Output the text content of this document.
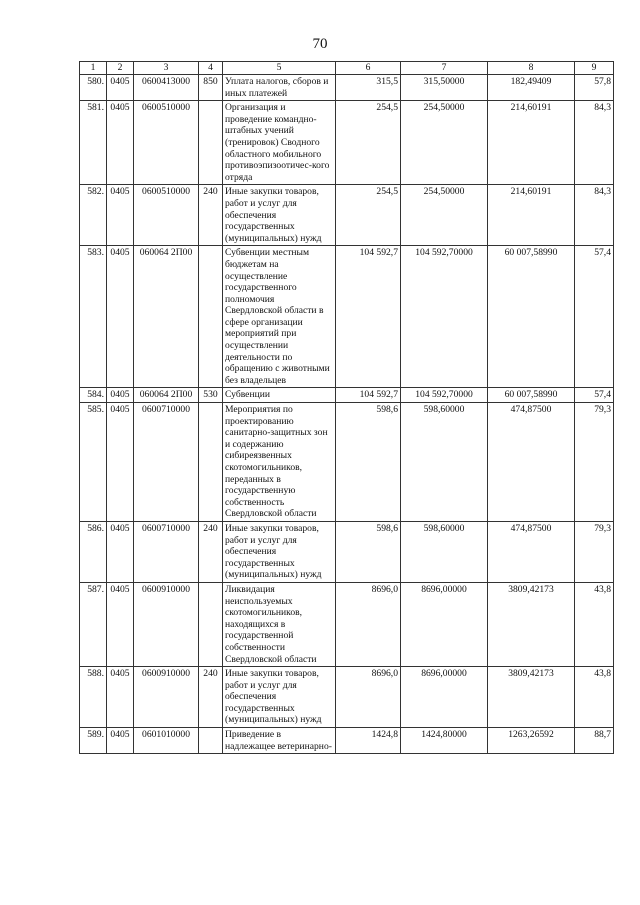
70
1	2	3	4	5	6	7	8	9
580.	0405	0600413000	850	Уплата налогов, сборов и иных платежей	315,5	315,50000	182,49409	57,8
581.	0405	0600510000		Организация и проведение командно-штабных учений (тренировок) Сводного областного мобильного противоэпизоотичес-кого отряда	254,5	254,50000	214,60191	84,3
582.	0405	0600510000	240	Иные закупки товаров, работ и услуг для обеспечения государственных (муниципальных) нужд	254,5	254,50000	214,60191	84,3
583.	0405	060064 2П00		Субвенции местным бюджетам на осуществление государственного полномочия Свердловской области в сфере организации мероприятий при осуществлении деятельности по обращению с животными без владельцев	104 592,7	104 592,70000	60 007,58990	57,4
584.	0405	060064 2П00	530	Субвенции	104 592,7	104 592,70000	60 007,58990	57,4
585.	0405	0600710000		Мероприятия по проектированию санитарно-защитных зон и содержанию сибиреязвенных скотомогильников, переданных в государственную собственность Свердловской области	598,6	598,60000	474,87500	79,3
586.	0405	0600710000	240	Иные закупки товаров, работ и услуг для обеспечения государственных (муниципальных) нужд	598,6	598,60000	474,87500	79,3
587.	0405	0600910000		Ликвидация неиспользуемых скотомогильников, находящихся в государственной собственности Свердловской области	8696,0	8696,00000	3809,42173	43,8
588.	0405	0600910000	240	Иные закупки товаров, работ и услуг для обеспечения государственных (муниципальных) нужд	8696,0	8696,00000	3809,42173	43,8
589.	0405	0601010000		Приведение в надлежащее ветеринарно-	1424,8	1424,80000	1263,26592	88,7
